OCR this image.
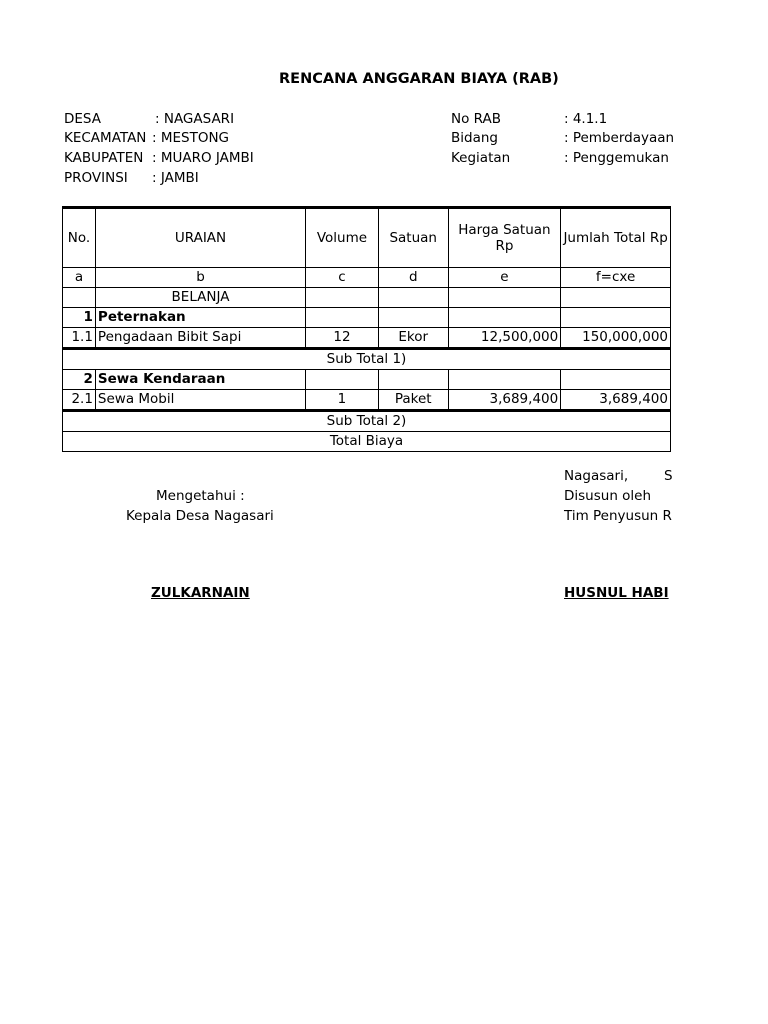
RENCANA ANGGARAN BIAYA (RAB)
DESA	: NAGASARI
KECAMATAN : MESTONG
KABUPATEN : MUARO JAMBI
PROVINSI : JAMBI
No RAB	: 4.1.1
Bidang	: Pemberdayaan
Kegiatan	: Penggemukan
No.	URAIAN	Volume	Satuan	Harga Satuan Rp	Jumlah Total Rp
a	b	c	d	e	f=cxe
	BELANJA				
1	Peternakan				
1.1	Pengadaan Bibit Sapi	12	Ekor	12,500,000	150,000,000
Sub Total 1)					
2	Sewa Kendaraan				
2.1	Sewa Mobil	1	Paket	3,689,400	3,689,400
Sub Total 2)					
Total Biaya					
Nagasari,	S
Mengetahui :
Kepala Desa Nagasari
ZULKARNAIN
Disusun oleh
Tim Penyusun R
HUSNUL HABI
